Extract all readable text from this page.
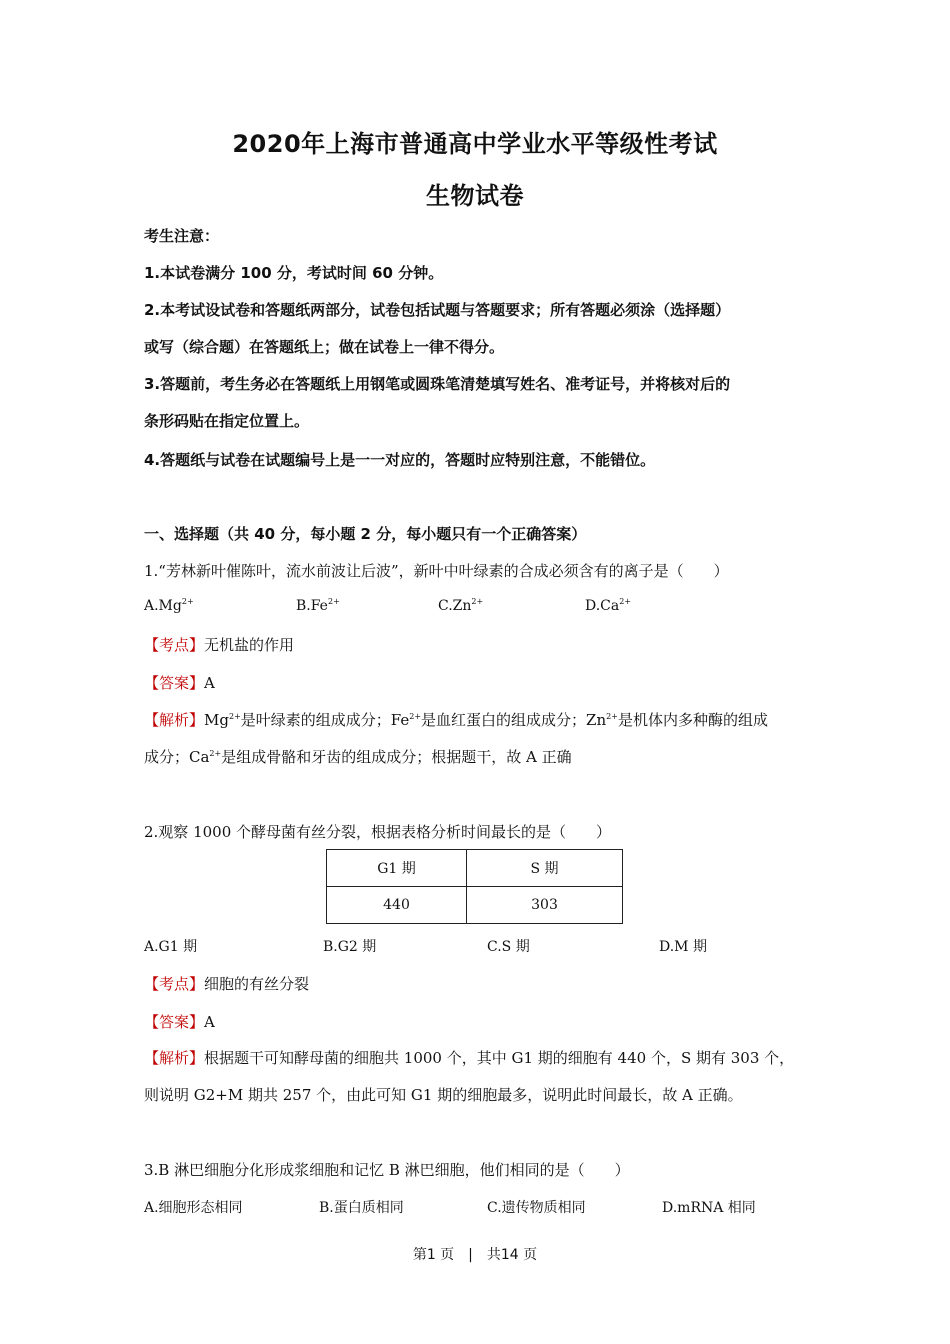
2020年上海市普通高中学业水平等级性考试
生物试卷
考生注意：
1.本试卷满分 100 分，考试时间 60 分钟。
2.本考试设试卷和答题纸两部分，试卷包括试题与答题要求；所有答题必须涂（选择题）
或写（综合题）在答题纸上；做在试卷上一律不得分。
3.答题前，考生务必在答题纸上用钢笔或圆珠笔清楚填写姓名、准考证号，并将核对后的
条形码贴在指定位置上。
4.答题纸与试卷在试题编号上是一一对应的，答题时应特别注意，不能错位。
一、选择题（共 40 分，每小题 2 分，每小题只有一个正确答案）
1.“芳林新叶催陈叶，流水前波让后波”，新叶中叶绿素的合成必须含有的离子是（　　）
$A.Mg^{2+}$	$B.Fe^{2+}$	$C.Zn^{2+}$	$D.Ca^{2+}$
【考点】无机盐的作用
【答案】A
【解析】$Mg^{2+}$是叶绿素的组成成分；$Fe^{2+}$是血红蛋白的组成成分；$Zn^{2+}$是机体内多种酶的组成
成分；$Ca^{2+}$是组成骨骼和牙齿的组成成分；根据题干，故 A 正确
2.观察 1000 个酵母菌有丝分裂，根据表格分析时间最长的是（　　）
G1 期	S 期
440	303
A.G1 期	B.G2 期	C.S 期	D.M 期
【考点】细胞的有丝分裂
【答案】A
【解析】根据题干可知酵母菌的细胞共 1000 个，其中 G1 期的细胞有 440 个，S 期有 303 个，
则说明 G2+M 期共 257 个，由此可知 G1 期的细胞最多，说明此时间最长，故 A 正确。
3.B 淋巴细胞分化形成浆细胞和记忆 B 淋巴细胞，他们相同的是（　　）
A.细胞形态相同	B.蛋白质相同	C.遗传物质相同	D.mRNA 相同
第1 页　|　共14 页
